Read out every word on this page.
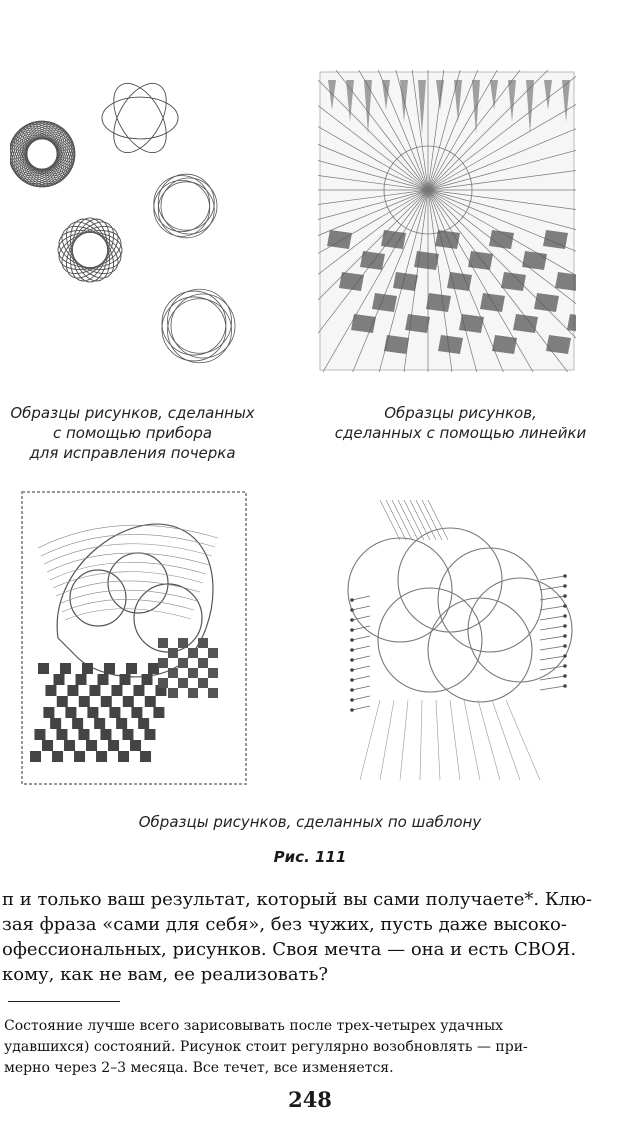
Образцы рисунков, сделанных
с помощью прибора
для исправления почерка
Образцы рисунков,
сделанных с помощью линейки
Образцы рисунков, сделанных по шаблону
Рис. 111
п и только ваш результат, который вы сами получаете*. Клю-
зая фраза «сами для себя», без чужих, пусть даже высоко-
офессиональных, рисунков. Своя мечта — она и есть СВОЯ.
кому, как не вам, ее реализовать?
Состояние лучше всего зарисовывать после трех-четырех удачных
удавшихся) состояний. Рисунок стоит регулярно возобновлять — при-
мерно через 2–3 месяца. Все течет, все изменяется.
248
